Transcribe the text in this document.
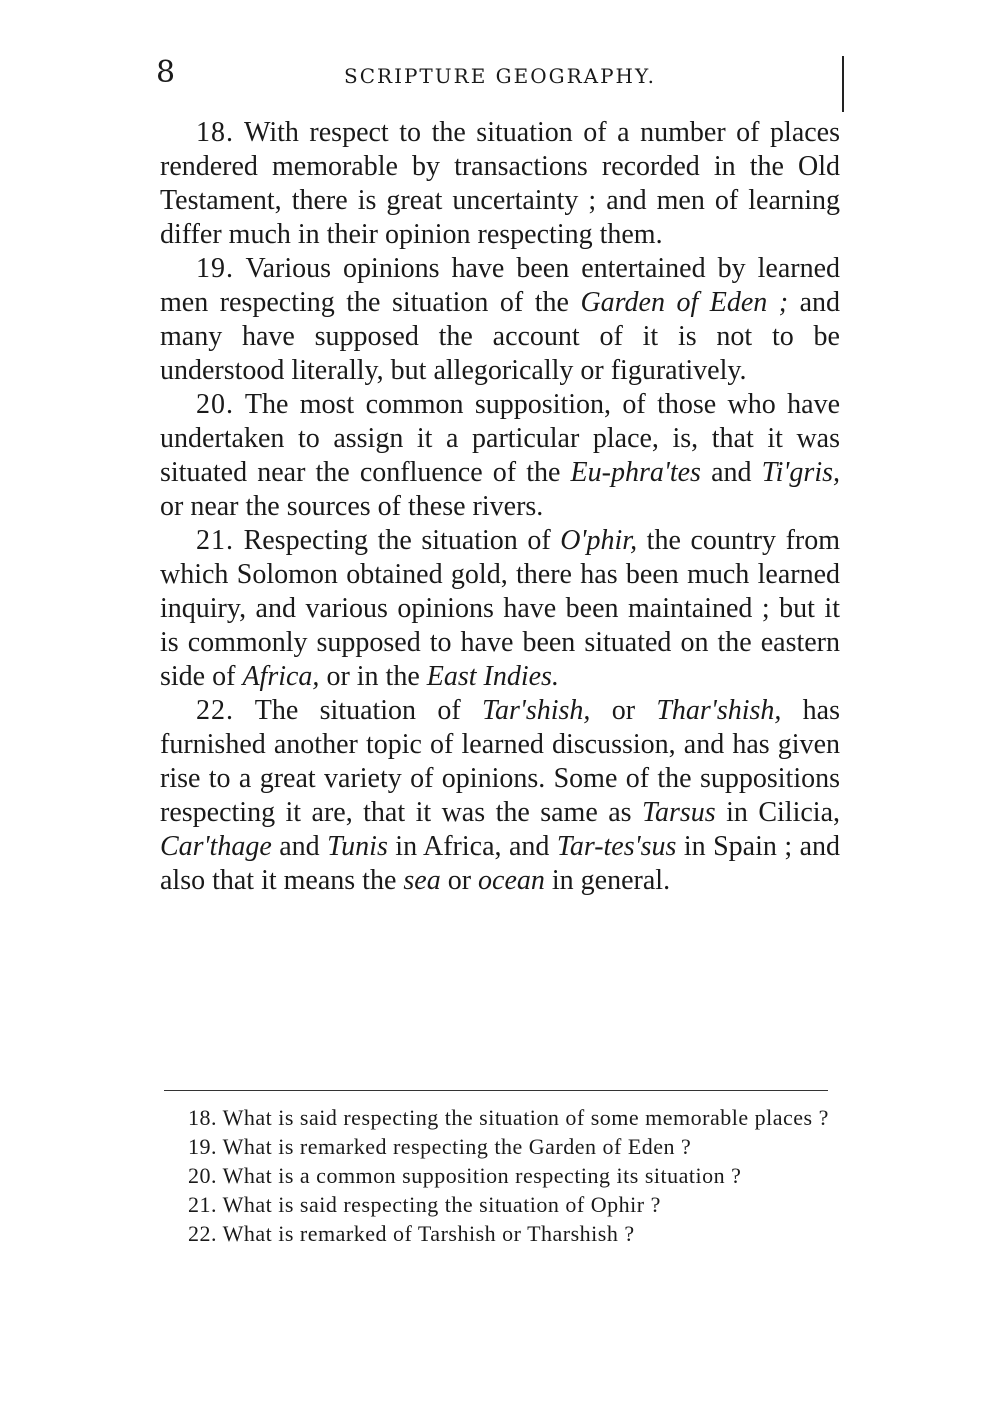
8	SCRIPTURE GEOGRAPHY.

18. With respect to the situation of a number of places rendered memorable by transactions recorded in the Old Testament, there is great uncertainty ; and men of learning differ much in their opinion respecting them.

19. Various opinions have been entertained by learned men respecting the situation of the Garden of Eden ; and many have supposed the account of it is not to be understood literally, but allegorically or figuratively.

20. The most common supposition, of those who have undertaken to assign it a particular place, is, that it was situated near the confluence of the Eu-phra'tes and Ti'gris, or near the sources of these rivers.

21. Respecting the situation of O'phir, the country from which Solomon obtained gold, there has been much learned inquiry, and various opinions have been maintained ; but it is commonly supposed to have been situated on the eastern side of Africa, or in the East Indies.

22. The situation of Tar'shish, or Thar'shish, has furnished another topic of learned discussion, and has given rise to a great variety of opinions. Some of the suppositions respecting it are, that it was the same as Tarsus in Cilicia, Car'thage and Tunis in Africa, and Tar-tes'sus in Spain ; and also that it means the sea or ocean in general.

18. What is said respecting the situation of some memorable places ?

19. What is remarked respecting the Garden of Eden ?

20. What is a common supposition respecting its situation ?

21. What is said respecting the situation of Ophir ?

22. What is remarked of Tarshish or Tharshish ?
